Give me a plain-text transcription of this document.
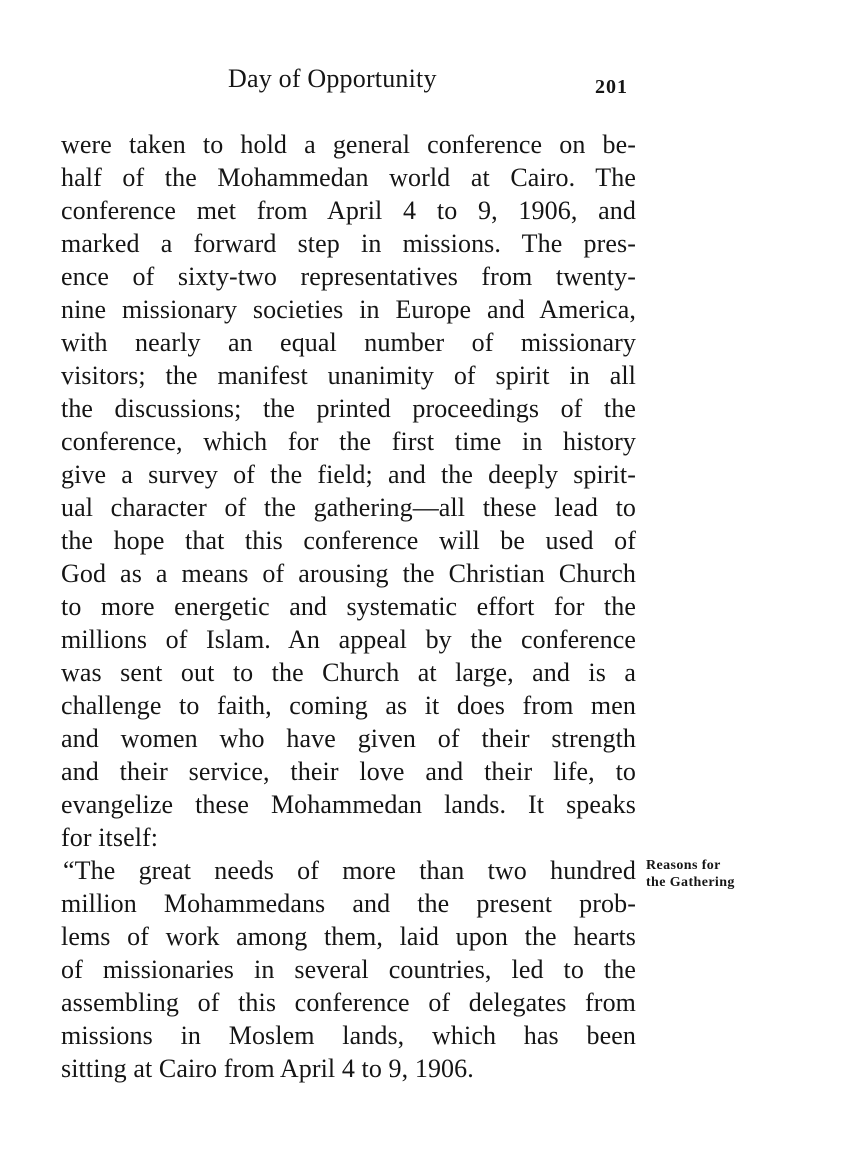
Day of Opportunity	201
were taken to hold a general conference on be-
half of the Mohammedan world at Cairo. The
conference met from April 4 to 9, 1906, and
marked a forward step in missions. The pres-
ence of sixty-two representatives from twenty-
nine missionary societies in Europe and America,
with nearly an equal number of missionary
visitors; the manifest unanimity of spirit in all
the discussions; the printed proceedings of the
conference, which for the first time in history
give a survey of the field; and the deeply spirit-
ual character of the gathering—all these lead to
the hope that this conference will be used of
God as a means of arousing the Christian Church
to more energetic and systematic effort for the
millions of Islam. An appeal by the conference
was sent out to the Church at large, and is a
challenge to faith, coming as it does from men
and women who have given of their strength
and their service, their love and their life, to
evangelize these Mohammedan lands. It speaks
for itself:
“The great needs of more than two hundred
million Mohammedans and the present prob-
lems of work among them, laid upon the hearts
of missionaries in several countries, led to the
assembling of this conference of delegates from
missions in Moslem lands, which has been
sitting at Cairo from April 4 to 9, 1906.
Reasons for
the Gathering
